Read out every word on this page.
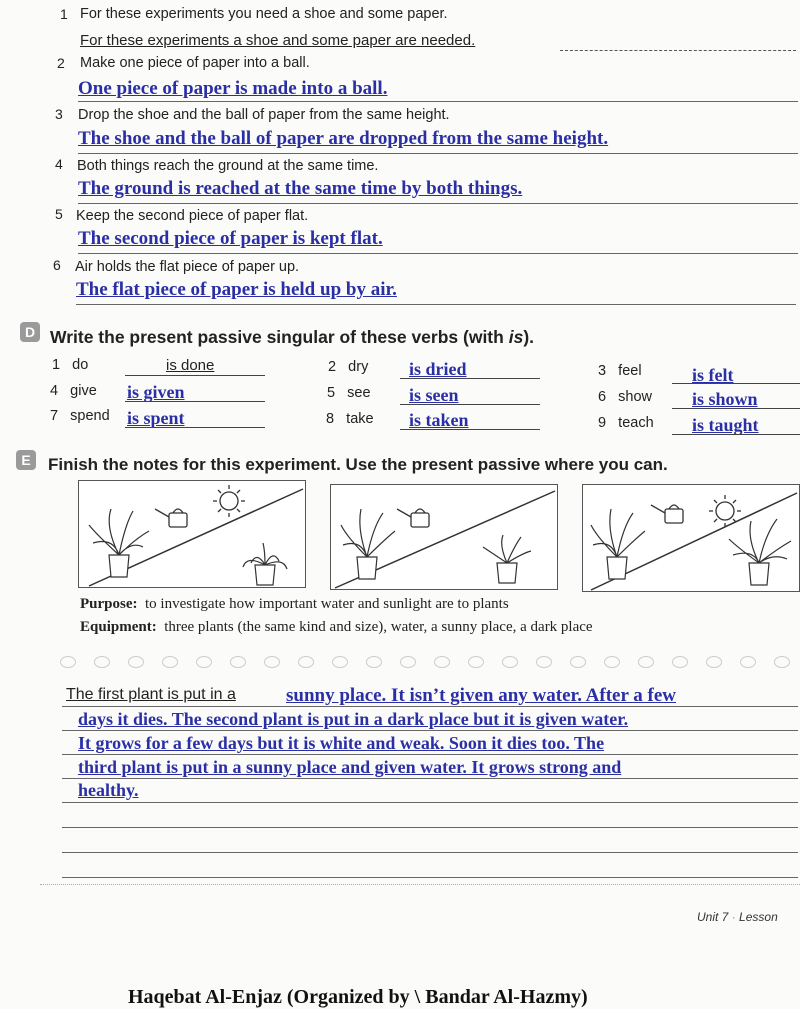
1 For these experiments you need a shoe and some paper.
For these experiments a shoe and some paper are needed.
2 Make one piece of paper into a ball.
One piece of paper is made into a ball.
3 Drop the shoe and the ball of paper from the same height.
The shoe and the ball of paper are dropped from the same height.
4 Both things reach the ground at the same time.
The ground is reached at the same time by both things.
5 Keep the second piece of paper flat.
The second piece of paper is kept flat.
6 Air holds the flat piece of paper up.
The flat piece of paper is held up by air.
D Write the present passive singular of these verbs (with is).
1 do	is done	2 dry is dried	3 feel	is felt
4 give is given	5 see is seen	6 show is shown
7 spend is spent	8 take is taken	9 teach is taught
E	Finish the notes for this experiment. Use the present passive where you can.
Purpose: to investigate how important water and sunlight are to plants
Equipment: three plants (the same kind and size), water, a sunny place, a dark place
The first plant is put in a	sunny place. It isn’t given any water. After a few
days it dies. The second plant is put in a dark place but it is given water.
It grows for a few days but it is white and weak. Soon it dies too. The
third plant is put in a sunny place and given water. It grows strong and
healthy.
Unit 7 · Lesson
Haqebat Al-Enjaz (Organized by \ Bandar Al-Hazmy)
